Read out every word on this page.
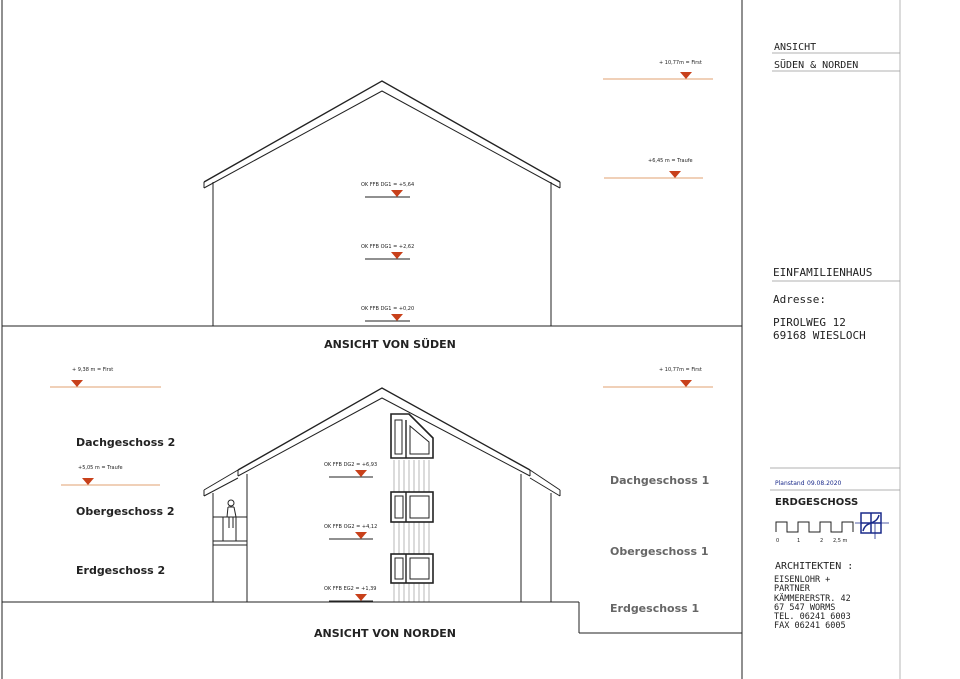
OK FFB DG1 = +5,64
OK FFB OG1 = +2,62
OK FFB DG1 = +0,20
+ 10,77m = First
+6,45 m = Traufe
ANSICHT VON SÜDEN
+ 9,38 m = First	+ 10,77m = First
+5,05 m = Traufe	OK FFB DG2 = +6,93
OK FFB OG2 = +4,12
OK FFB EG2 = +1,39
Dachgeschoss 2
Obergeschoss 2
Erdgeschoss 2
Dachgeschoss 1
Obergeschoss 1
Erdgeschoss 1
ANSICHT VON NORDEN
ANSICHT
SÜDEN & NORDEN
EINFAMILIENHAUS
Adresse:
PIROLWEG 12
69168 WIESLOCH
Planstand 09.08.2020
ERDGESCHOSS
0	1	2 2,5 m
ARCHITEKTEN :
EISENLOHR +
PARTNER
KÄMMERERSTR. 42
67 547 WORMS
TEL. 06241 6003
FAX 06241 6005
